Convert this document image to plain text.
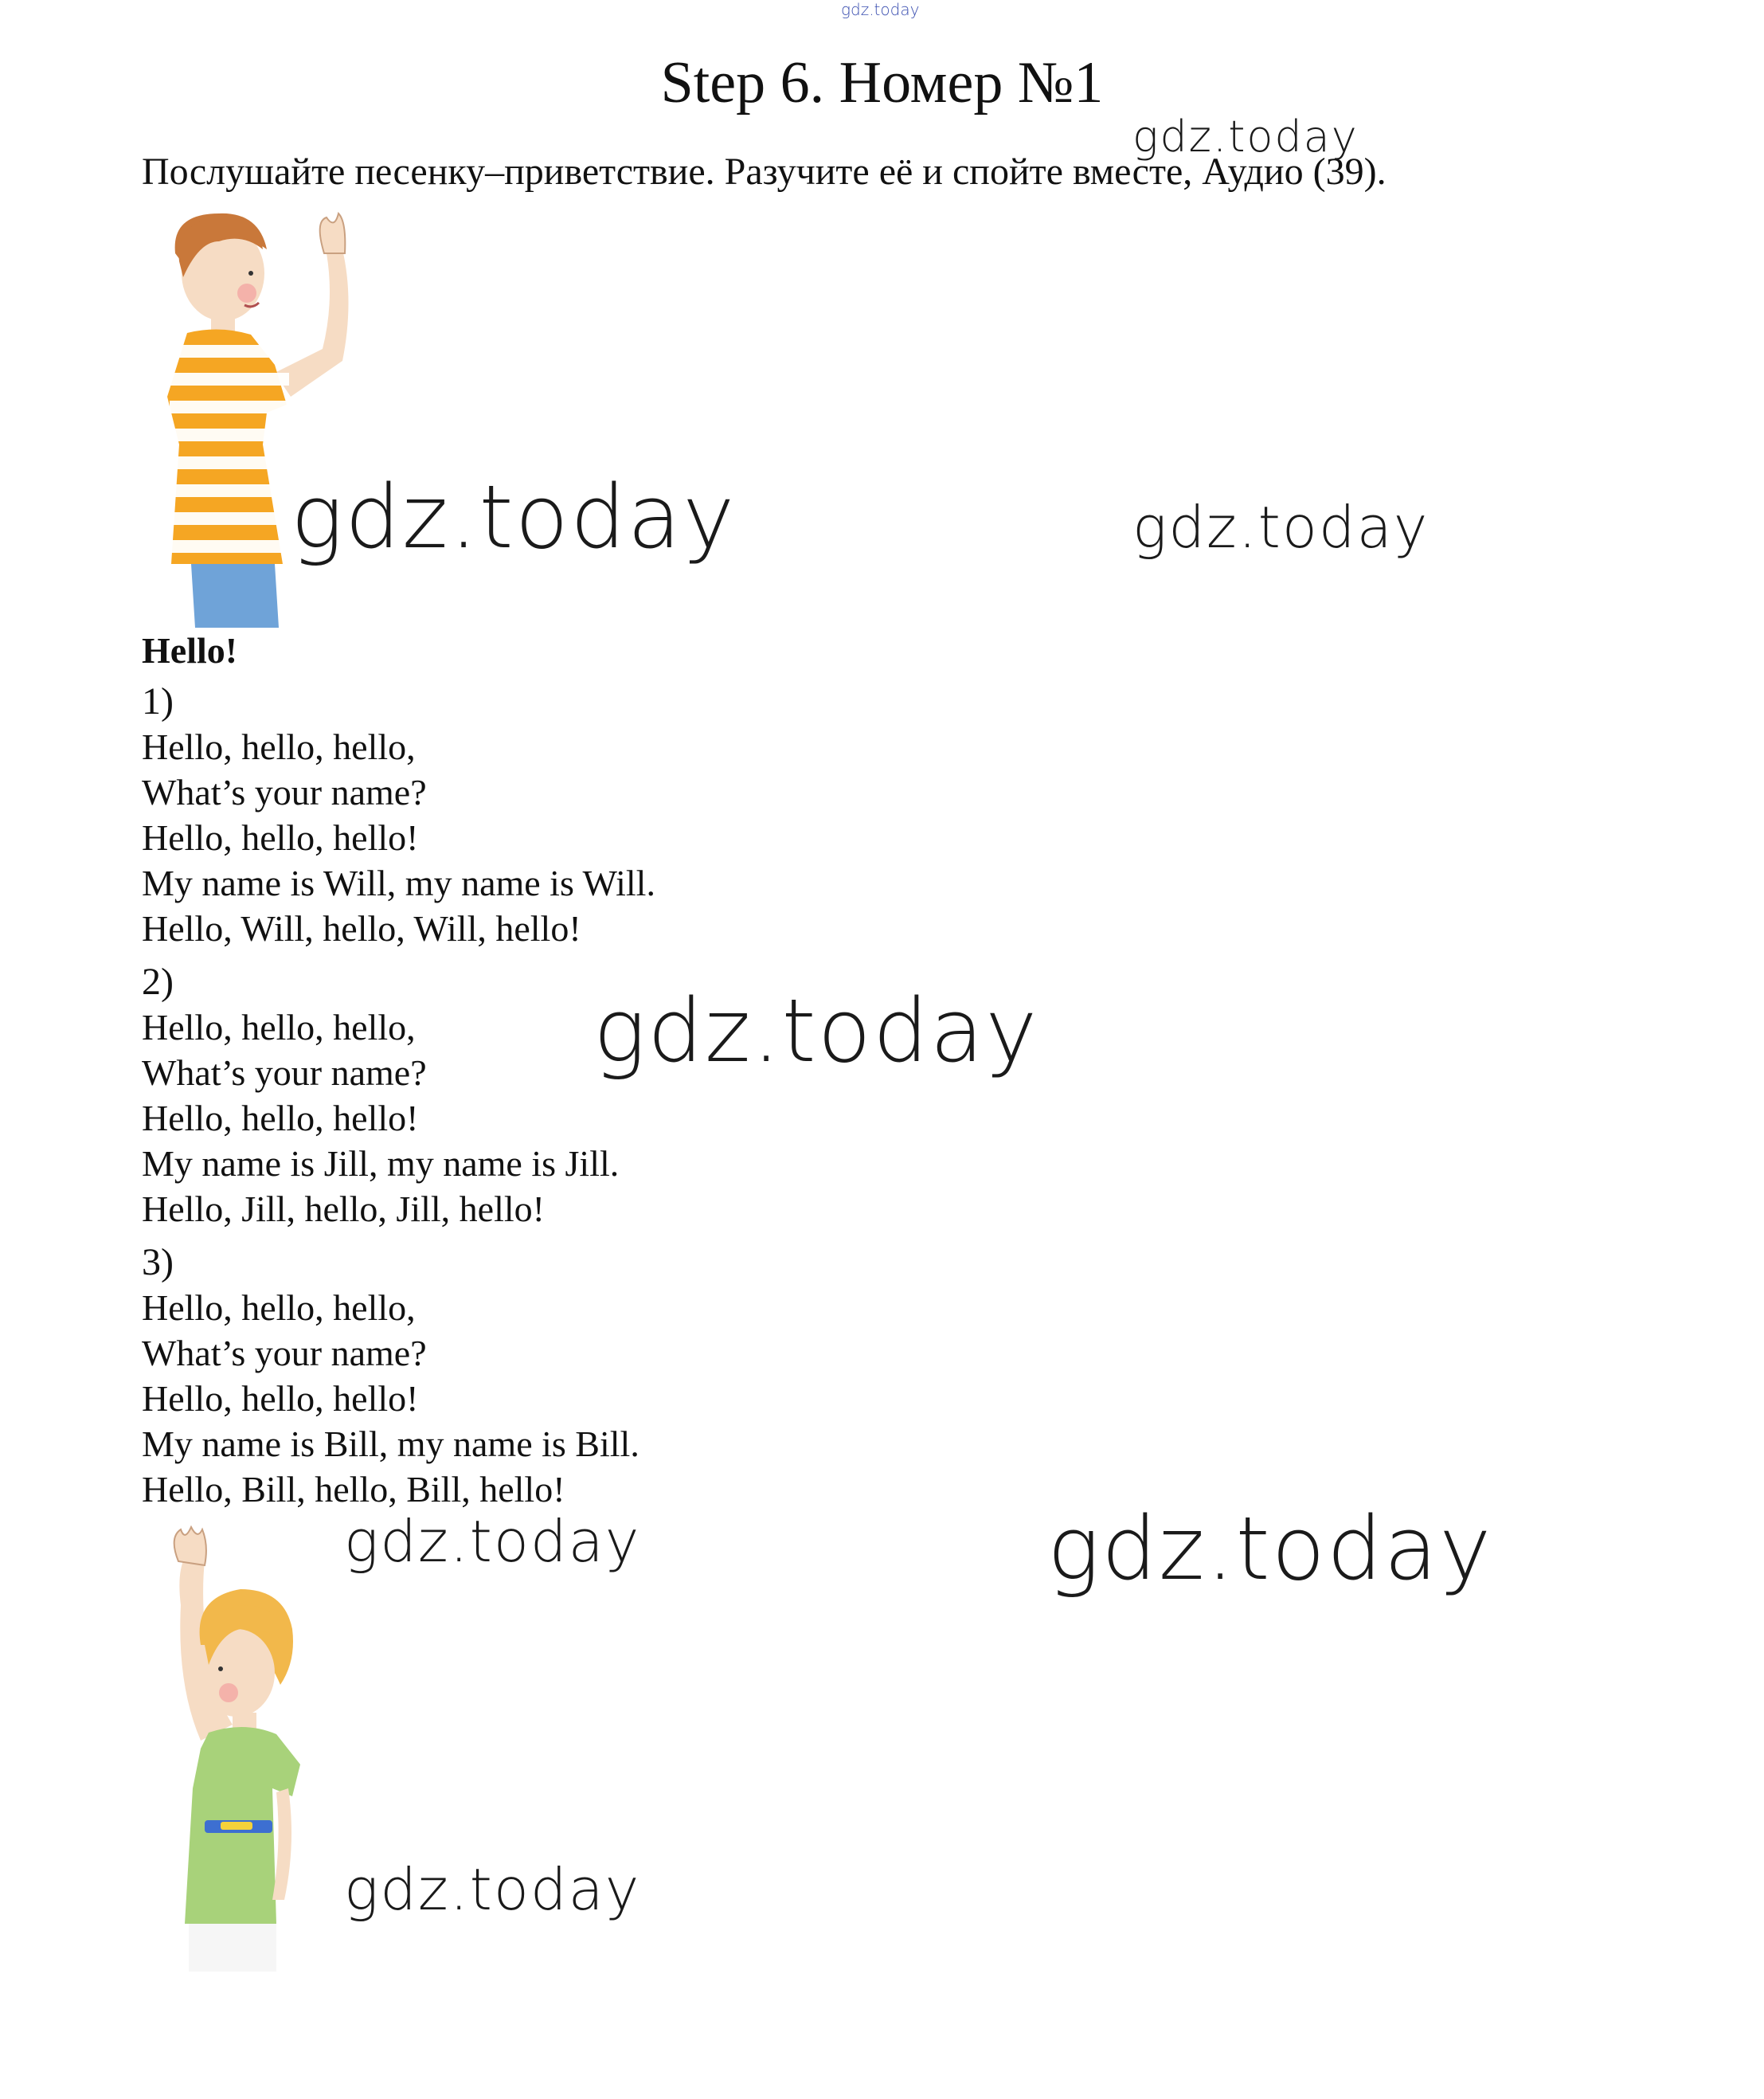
gdz.today
Step 6. Номер №1
Послушайте песенку–приветствие. Разучите её и спойте вместе, Аудио (39).
gdz.today
gdz.today	gdz.today
Hello!
1)
Hello, hello, hello,
What’s your name?
Hello, hello, hello!
My name is Will, my name is Will.
Hello, Will, hello, Will, hello!
2)
Hello, hello, hello,
What’s your name?
Hello, hello, hello!
My name is Jill, my name is Jill.
Hello, Jill, hello, Jill, hello!
3)
Hello, hello, hello,
What’s your name?
Hello, hello, hello!
My name is Bill, my name is Bill.
Hello, Bill, hello, Bill, hello!
gdz.today
gdz.today	gdz.today
gdz.today
